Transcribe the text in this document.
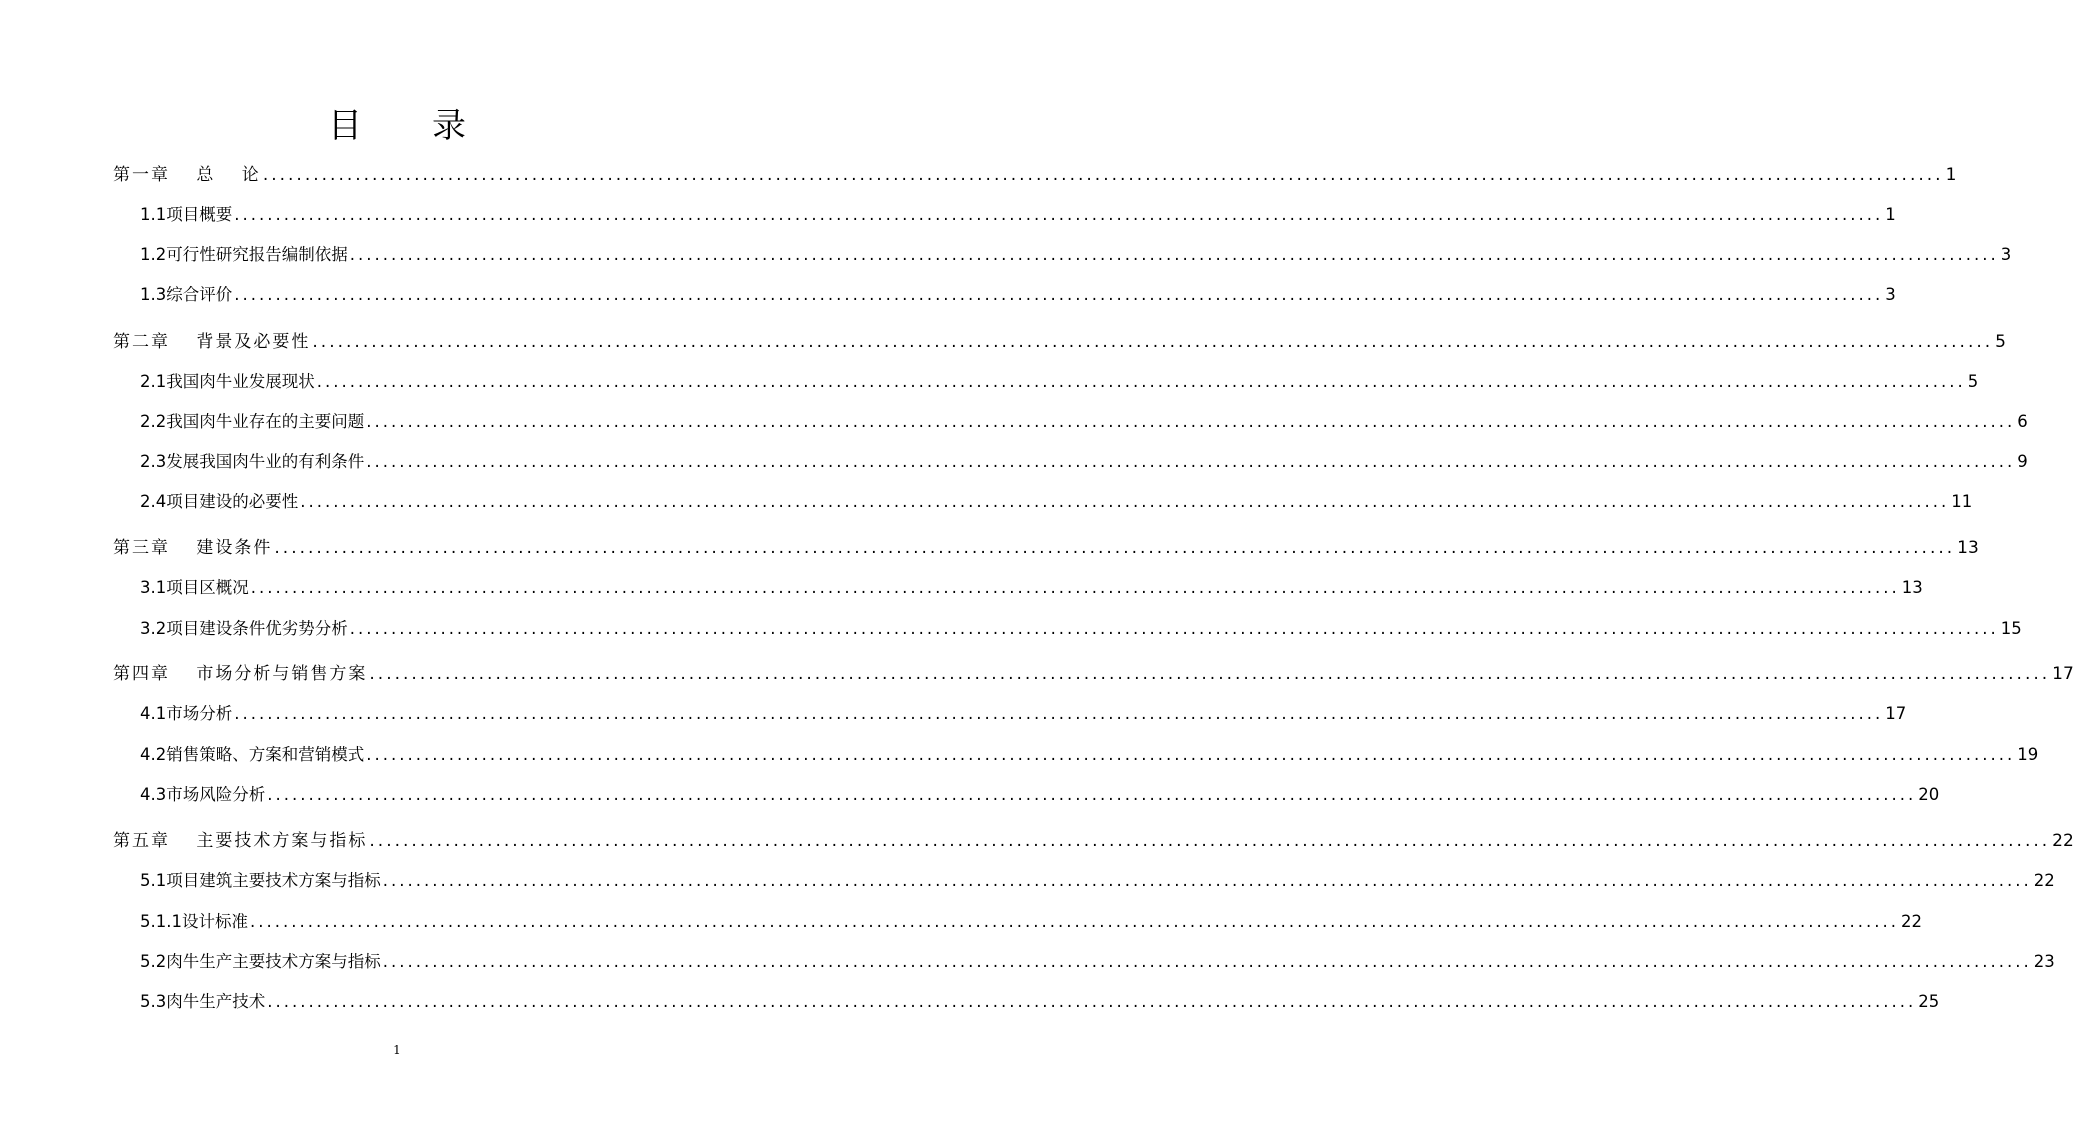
目 录
第一章　 总　 论 ........................................................................................................................................................................................................ 1
1.1项目概要 ........................................................................................................................................................................................................ 1
1.2可行性研究报告编制依据 ........................................................................................................................................................................................................ 3
1.3综合评价 ........................................................................................................................................................................................................ 3
第二章　 背景及必要性 ........................................................................................................................................................................................................ 5
2.1我国肉牛业发展现状 ........................................................................................................................................................................................................ 5
2.2我国肉牛业存在的主要问题 ........................................................................................................................................................................................................ 6
2.3发展我国肉牛业的有利条件 ........................................................................................................................................................................................................ 9
2.4项目建设的必要性 ........................................................................................................................................................................................................ 11
第三章　 建设条件 ........................................................................................................................................................................................................ 13
3.1项目区概况 ........................................................................................................................................................................................................ 13
3.2项目建设条件优劣势分析 ........................................................................................................................................................................................................ 15
第四章　 市场分析与销售方案 ........................................................................................................................................................................................................ 17
4.1市场分析 ........................................................................................................................................................................................................ 17
4.2销售策略、方案和营销模式 ........................................................................................................................................................................................................ 19
4.3市场风险分析 ........................................................................................................................................................................................................ 20
第五章　 主要技术方案与指标 ........................................................................................................................................................................................................ 22
5.1项目建筑主要技术方案与指标 ........................................................................................................................................................................................................ 22
5.1.1设计标准 ........................................................................................................................................................................................................ 22
5.2肉牛生产主要技术方案与指标 ........................................................................................................................................................................................................ 23
5.3肉牛生产技术 ........................................................................................................................................................................................................ 25
1
